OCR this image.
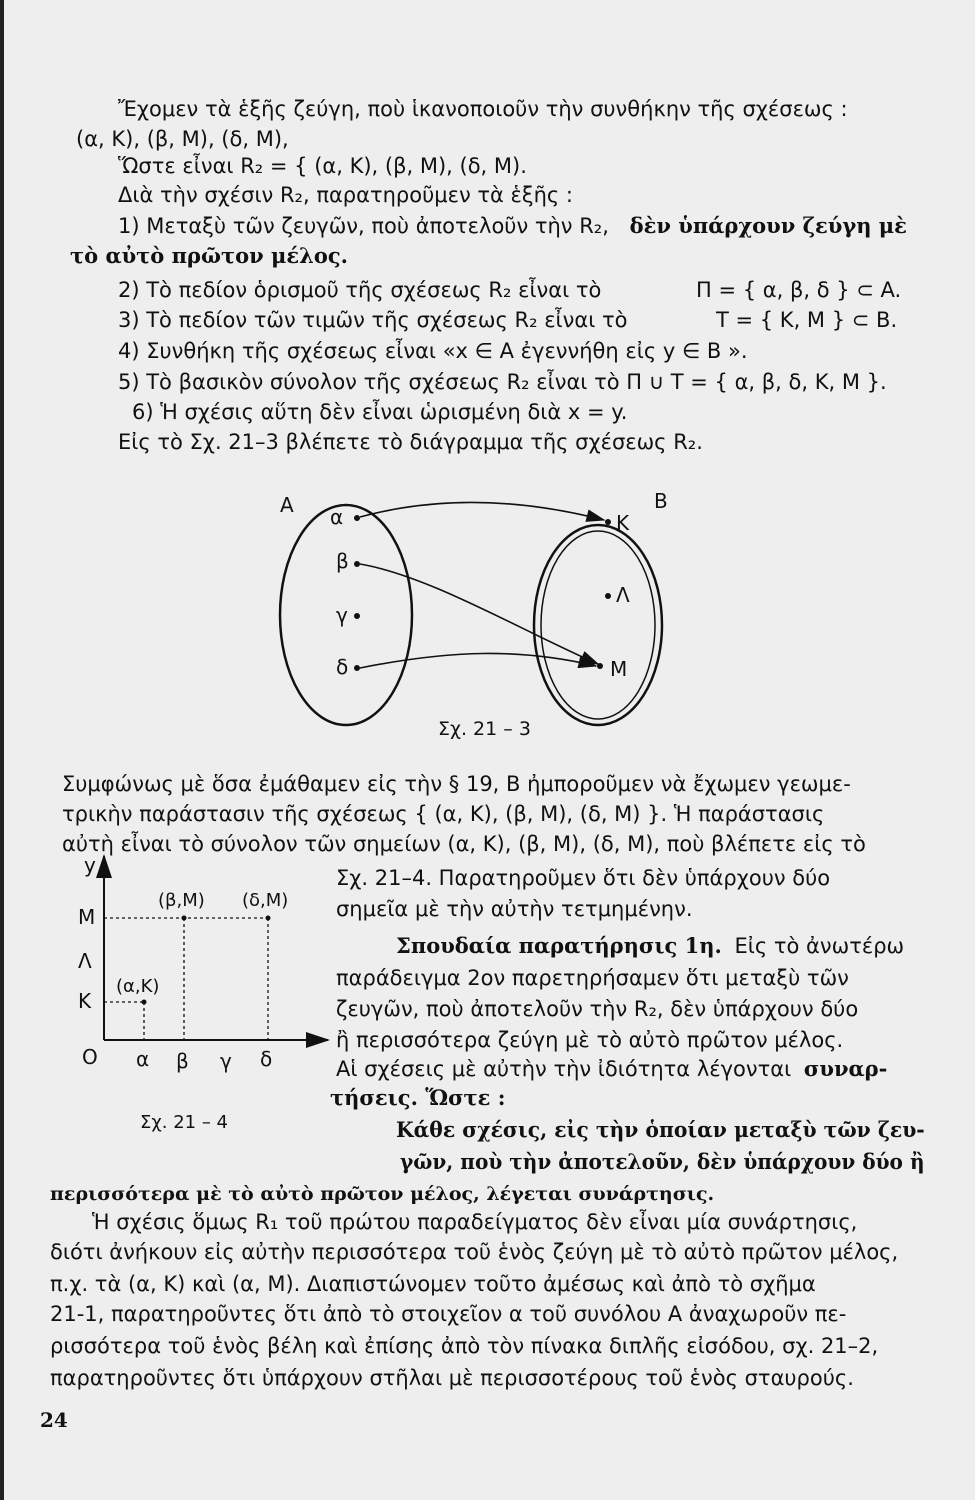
Ἔχομεν τὰ ἑξῆς ζεύγη, ποὺ ἱκανοποιοῦν τὴν συνθήκην τῆς σχέσεως :
(α, K), (β, M), (δ, M),
Ὥστε εἶναι R₂ = { (α, K), (β, M), (δ, M).
Διὰ τὴν σχέσιν R₂, παρατηροῦμεν τὰ ἑξῆς :
1) Μεταξὺ τῶν ζευγῶν, ποὺ ἀποτελοῦν τὴν R₂, δὲν ὑπάρχουν ζεύγη μὲ
τὸ αὐτὸ πρῶτον μέλος.
2) Τὸ πεδίον ὁρισμοῦ τῆς σχέσεως R₂ εἶναι τὸ	Π = { α, β, δ } ⊂ A.
3) Τὸ πεδίον τῶν τιμῶν τῆς σχέσεως R₂ εἶναι τὸ	T = { K, M } ⊂ B.
4) Συνθήκη τῆς σχέσεως εἶναι «x ∈ A ἐγεννήθη εἰς y ∈ B ».
5) Τὸ βασικὸν σύνολον τῆς σχέσεως R₂ εἶναι τὸ Π ∪ T = { α, β, δ, K, M }.
6) Ἡ σχέσις αὕτη δὲν εἶναι ὡρισμένη διὰ x = y.
Εἰς τὸ Σχ. 21–3 βλέπετε τὸ διάγραμμα τῆς σχέσεως R₂.
A	B
α
β
γ
δ
K
Λ
M
Σχ. 21 – 3
Συμφώνως μὲ ὅσα ἐμάθαμεν εἰς τὴν § 19, B ἠμποροῦμεν νὰ ἔχωμεν γεωμε-
τρικὴν παράστασιν τῆς σχέσεως { (α, K), (β, M), (δ, M) }. Ἡ παράστασις
αὐτὴ εἶναι τὸ σύνολον τῶν σημείων (α, K), (β, M), (δ, M), ποὺ βλέπετε εἰς τὸ
Σχ. 21–4. Παρατηροῦμεν ὅτι δὲν ὑπάρχουν δύο
σημεῖα μὲ τὴν αὐτὴν τετμημένην.
Σπουδαία παρατήρησις 1η. Εἰς τὸ ἀνωτέρω
παράδειγμα 2ον παρετηρήσαμεν ὅτι μεταξὺ τῶν
ζευγῶν, ποὺ ἀποτελοῦν τὴν R₂, δὲν ὑπάρχουν δύο
ἢ περισσότερα ζεύγη μὲ τὸ αὐτὸ πρῶτον μέλος.
Αἱ σχέσεις μὲ αὐτὴν τὴν ἰδιότητα λέγονται συναρ-
τήσεις. Ὥστε :
Κάθε σχέσις, εἰς τὴν ὁποίαν μεταξὺ τῶν ζευ-
γῶν, ποὺ τὴν ἀποτελοῦν, δὲν ὑπάρχουν δύο ἢ
περισσότερα μὲ τὸ αὐτὸ πρῶτον μέλος, λέγεται συνάρτησις.
y
M
Λ
K
O α β γ δ
(β,M) (δ,M)
(α,K)
Σχ. 21 – 4
Ἡ σχέσις ὅμως R₁ τοῦ πρώτου παραδείγματος δὲν εἶναι μία συνάρτησις,
διότι ἀνήκουν εἰς αὐτὴν περισσότερα τοῦ ἑνὸς ζεύγη μὲ τὸ αὐτὸ πρῶτον μέλος,
π.χ. τὰ (α, K) καὶ (α, M). Διαπιστώνομεν τοῦτο ἀμέσως καὶ ἀπὸ τὸ σχῆμα
21-1, παρατηροῦντες ὅτι ἀπὸ τὸ στοιχεῖον α τοῦ συνόλου A ἀναχωροῦν πε-
ρισσότερα τοῦ ἑνὸς βέλη καὶ ἐπίσης ἀπὸ τὸν πίνακα διπλῆς εἰσόδου, σχ. 21–2,
παρατηροῦντες ὅτι ὑπάρχουν στῆλαι μὲ περισσοτέρους τοῦ ἑνὸς σταυρούς.
24
